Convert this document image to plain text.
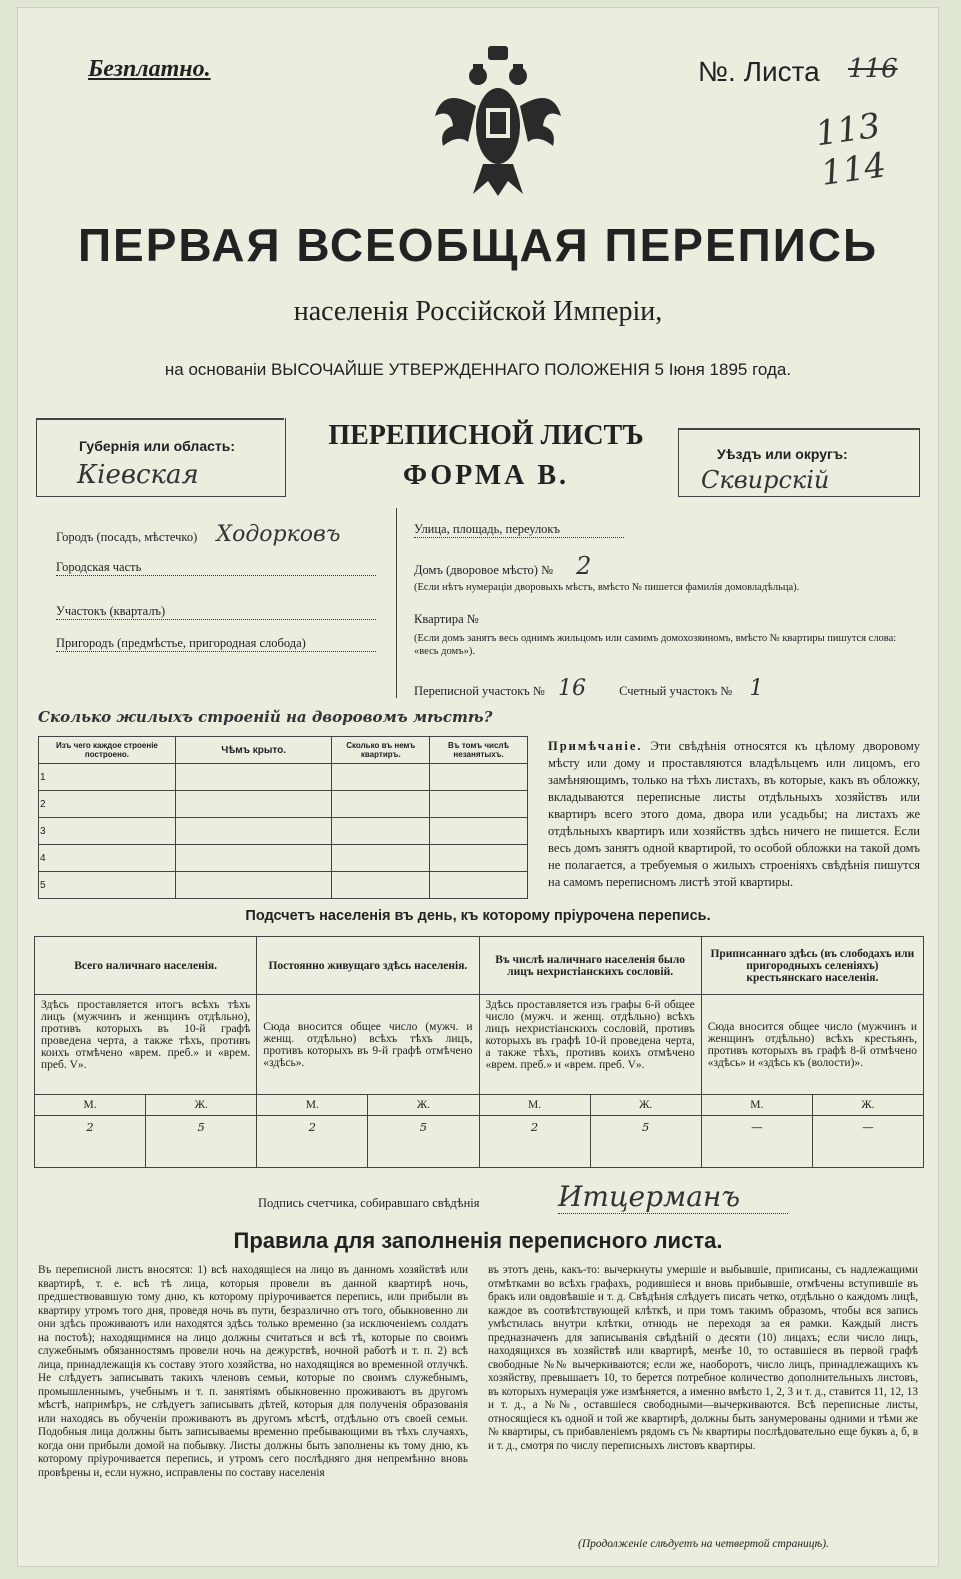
Безплатно.	№. Листа 116
113 114
ПЕРВАЯ ВСЕОБЩАЯ ПЕРЕПИСЬ
населенія Россійской Имперіи,
на основаніи ВЫСОЧАЙШЕ УТВЕРЖДЕННАГО ПОЛОЖЕНІЯ 5 Іюня 1895 года.
Губернія или область:
Кіевская
ПЕРЕПИСНОЙ ЛИСТЪ
ФОРМА В.
Уѣздъ или округъ:
Сквирскій
Городъ (посадъ, мѣстечко) Ходорковъ
Городская часть
Участокъ (кварталъ)
Пригородъ (предмѣстье, пригородная слобода)
Улица, площадь, переулокъ
Домъ (дворовое мѣсто) № 2
(Если нѣтъ нумераціи дворовыхъ мѣстъ, вмѣсто № пишется фамилія домовладѣльца).
Квартира №
(Если домъ занятъ весь однимъ жильцомъ или самимъ домохозяиномъ, вмѣсто № квартиры пишутся слова: «весь домъ»).
Переписной участокъ № 16	Счетный участокъ № 1
Сколько жилыхъ строеній на дворовомъ мѣстѣ?
Изъ чего каждое строеніе построено.	Чѣмъ крыто.	Сколько въ немъ квартиръ.	Въ томъ числѣ незанятыхъ.
1			
2			
3			
4			
5			
Примѣчаніе. Эти свѣдѣнія относятся къ цѣлому дворовому мѣсту или дому и проставляются владѣльцемъ или лицомъ, его замѣняющимъ, только на тѣхъ листахъ, въ которые, какъ въ обложку, вкладываются переписные листы отдѣльныхъ хозяйствъ или квартиръ всего этого дома, двора или усадьбы; на листахъ же отдѣльныхъ квартиръ или хозяйствъ здѣсь ничего не пишется. Если весь домъ занятъ одной квартирой, то особой обложки на такой домъ не полагается, а требуемыя о жилыхъ строеніяхъ свѣдѣнія пишутся на самомъ переписномъ листѣ этой квартиры.
Подсчетъ населенія въ день, къ которому пріурочена перепись.
Всего наличнаго населенія.		Постоянно живущаго здѣсь населенія.		Въ числѣ наличнаго населенія было лицъ нехристіанскихъ сословій.		Приписаннаго здѣсь (въ слободахъ или пригородныхъ селеніяхъ) крестьянскаго населенія.	
Здѣсь проставляется итогъ всѣхъ тѣхъ лицъ (мужчинъ и женщинъ отдѣльно), противъ которыхъ въ 10-й графѣ проведена черта, а также тѣхъ, противъ коихъ отмѣчено «врем. преб.» и «врем. преб. V».		Сюда вносится общее число (мужч. и женщ. отдѣльно) всѣхъ тѣхъ лицъ, противъ которыхъ въ 9-й графѣ отмѣчено «здѣсь».		Здѣсь проставляется изъ графы 6-й общее число (мужч. и женщ. отдѣльно) всѣхъ лицъ нехристіанскихъ сословій, противъ которыхъ въ графѣ 10-й проведена черта, а также тѣхъ, противъ коихъ отмѣчено «врем. преб.» и «врем. преб. V».		Сюда вносится общее число (мужчинъ и женщинъ отдѣльно) всѣхъ крестьянъ, противъ которыхъ въ графѣ 8-й отмѣчено «здѣсь» и «здѣсь къ (волости)».	
М.	Ж.	М.	Ж.	М.	Ж.	М.	Ж.
2	5	2	5	2	5	—	—
Подпись счетчика, собиравшаго свѣдѣнія	Итцерманъ
Правила для заполненія переписного листа.
Въ переписной листъ вносятся: 1) всѣ находящіеся на лицо въ данномъ хозяйствѣ или квартирѣ, т. е. всѣ тѣ лица, которыя провели въ данной квартирѣ ночь, предшествовавшую тому дню, къ которому пріурочивается перепись, или прибыли въ квартиру утромъ того дня, проведя ночь въ пути, безразлично отъ того, обыкновенно ли они здѣсь проживаютъ или находятся здѣсь только временно (за исключеніемъ солдатъ на постоѣ); находящимися на лицо должны считаться и всѣ тѣ, которые по своимъ служебнымъ обязанностямъ провели ночь на дежурствѣ, ночной работѣ и т. п. 2) всѣ лица, принадлежащія къ составу этого хозяйства, но находящіяся во временной отлучкѣ. Не слѣдуетъ записывать такихъ членовъ семьи, которые по своимъ служебнымъ, промышленнымъ, учебнымъ и т. п. занятіямъ обыкновенно проживаютъ въ другомъ мѣстѣ, напримѣръ, не слѣдуетъ записывать дѣтей, которыя для полученія образованія или находясь въ обученіи проживаютъ въ другомъ мѣстѣ, отдѣльно отъ своей семьи. Подобныя лица должны быть записываемы временно пребывающими въ тѣхъ случаяхъ, когда они прибыли домой на побывку. Листы должны быть заполнены къ тому дню, къ которому пріурочивается перепись, и утромъ сего послѣдняго дня непремѣнно вновь провѣрены и, если нужно, исправлены по составу населенія
въ этотъ день, какъ-то: вычеркнуты умершіе и выбывшіе, приписаны, съ надлежащими отмѣтками во всѣхъ графахъ, родившіеся и вновь прибывшіе, отмѣчены вступившіе въ бракъ или овдовѣвшіе и т. д. Свѣдѣнія слѣдуетъ писать четко, отдѣльно о каждомъ лицѣ, каждое въ соотвѣтствующей клѣткѣ, и при томъ такимъ образомъ, чтобы вся запись умѣстилась внутри клѣтки, отнюдь не переходя за ея рамки. Каждый листъ предназначенъ для записыванія свѣдѣній о десяти (10) лицахъ; если число лицъ, находящихся въ хозяйствѣ или квартирѣ, менѣе 10, то оставшіеся въ первой графѣ свободные №№ вычеркиваются; если же, наоборотъ, число лицъ, принадлежащихъ къ хозяйству, превышаетъ 10, то берется потребное количество дополнительныхъ листовъ, въ которыхъ нумерація уже измѣняется, а именно вмѣсто 1, 2, 3 и т. д., ставится 11, 12, 13 и т. д., а №№, оставшіеся свободными—вычеркиваются. Всѣ переписные листы, относящіеся къ одной и той же квартирѣ, должны быть занумерованы одними и тѣми же № квартиры, съ прибавленіемъ рядомъ съ № квартиры послѣдовательно еще буквъ а, б, в и т. д., смотря по числу переписныхъ листовъ квартиры.
(Продолженіе слѣдуетъ на четвертой страницѣ).
